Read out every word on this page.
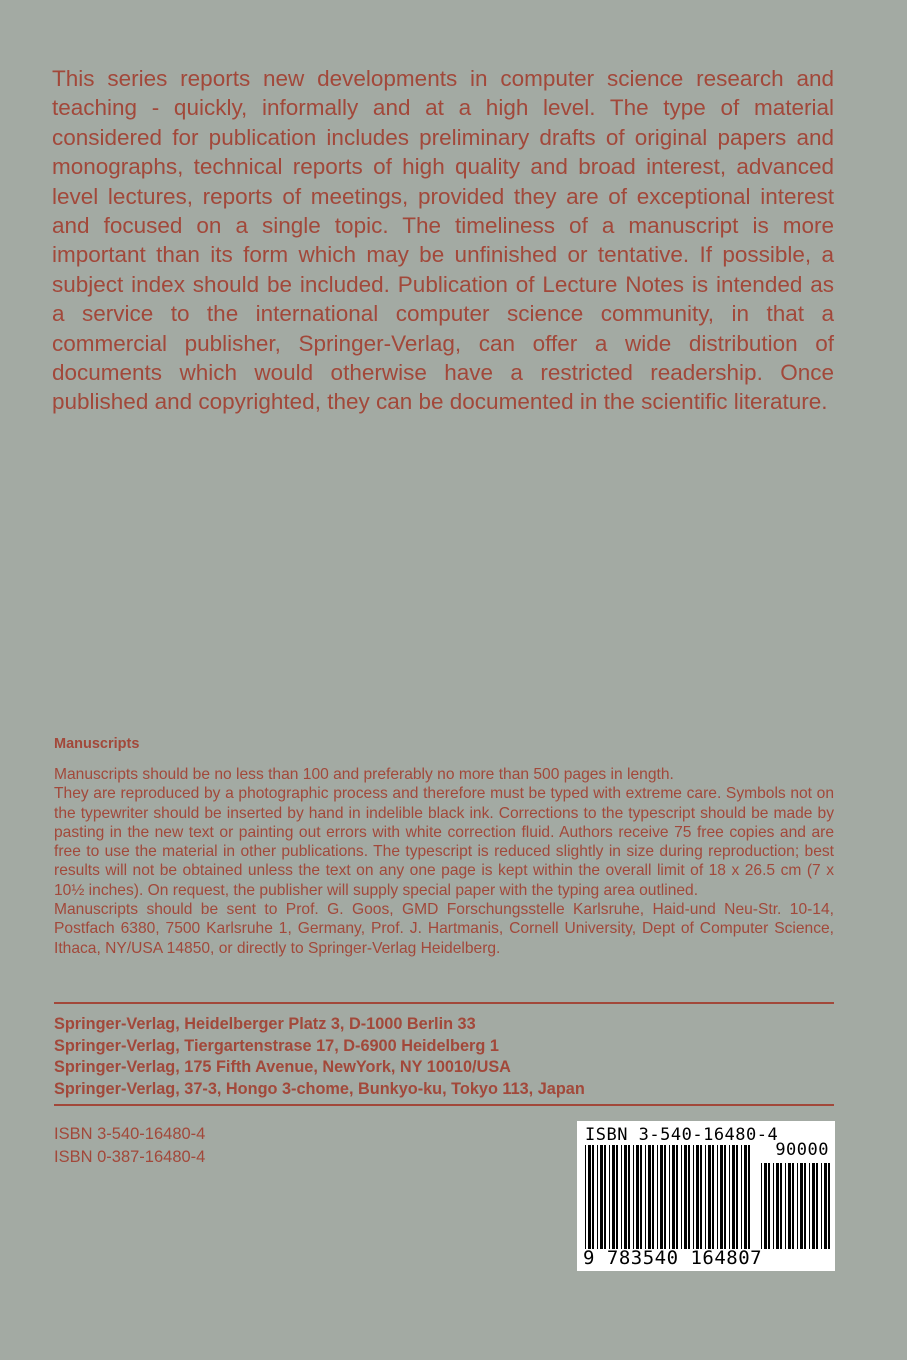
This series reports new developments in computer science research and teaching - quickly, informally and at a high level. The type of material considered for publication includes preliminary drafts of original papers and monographs, technical reports of high quality and broad interest, advanced level lectures, reports of meetings, provided they are of exceptional interest and focused on a single topic. The timeliness of a manuscript is more important than its form which may be unfinished or tentative. If possible, a subject index should be included. Publication of Lecture Notes is intended as a service to the international computer science community, in that a commercial publisher, Springer-Verlag, can offer a wide distribution of documents which would otherwise have a restricted readership. Once published and copyrighted, they can be documented in the scientific literature.

Manuscripts

Manuscripts should be no less than 100 and preferably no more than 500 pages in length.

They are reproduced by a photographic process and therefore must be typed with extreme care. Symbols not on the typewriter should be inserted by hand in indelible black ink. Corrections to the typescript should be made by pasting in the new text or painting out errors with white correction fluid. Authors receive 75 free copies and are free to use the material in other publications. The typescript is reduced slightly in size during reproduction; best results will not be obtained unless the text on any one page is kept within the overall limit of 18 x 26.5 cm (7 x 10½ inches). On request, the publisher will supply special paper with the typing area outlined.

Manuscripts should be sent to Prof. G. Goos, GMD Forschungsstelle Karlsruhe, Haid-und Neu-Str. 10-14, Postfach 6380, 7500 Karlsruhe 1, Germany, Prof. J. Hartmanis, Cornell University, Dept of Computer Science, Ithaca, NY/USA 14850, or directly to Springer-Verlag Heidelberg.

Springer-Verlag, Heidelberger Platz 3, D-1000 Berlin 33
Springer-Verlag, Tiergartenstrase 17, D-6900 Heidelberg 1
Springer-Verlag, 175 Fifth Avenue, NewYork, NY 10010/USA
Springer-Verlag, 37-3, Hongo 3-chome, Bunkyo-ku, Tokyo 113, Japan
ISBN 3-540-16480-4
ISBN 0-387-16480-4
ISBN 3-540-16480-4
90000
9 783540 164807
